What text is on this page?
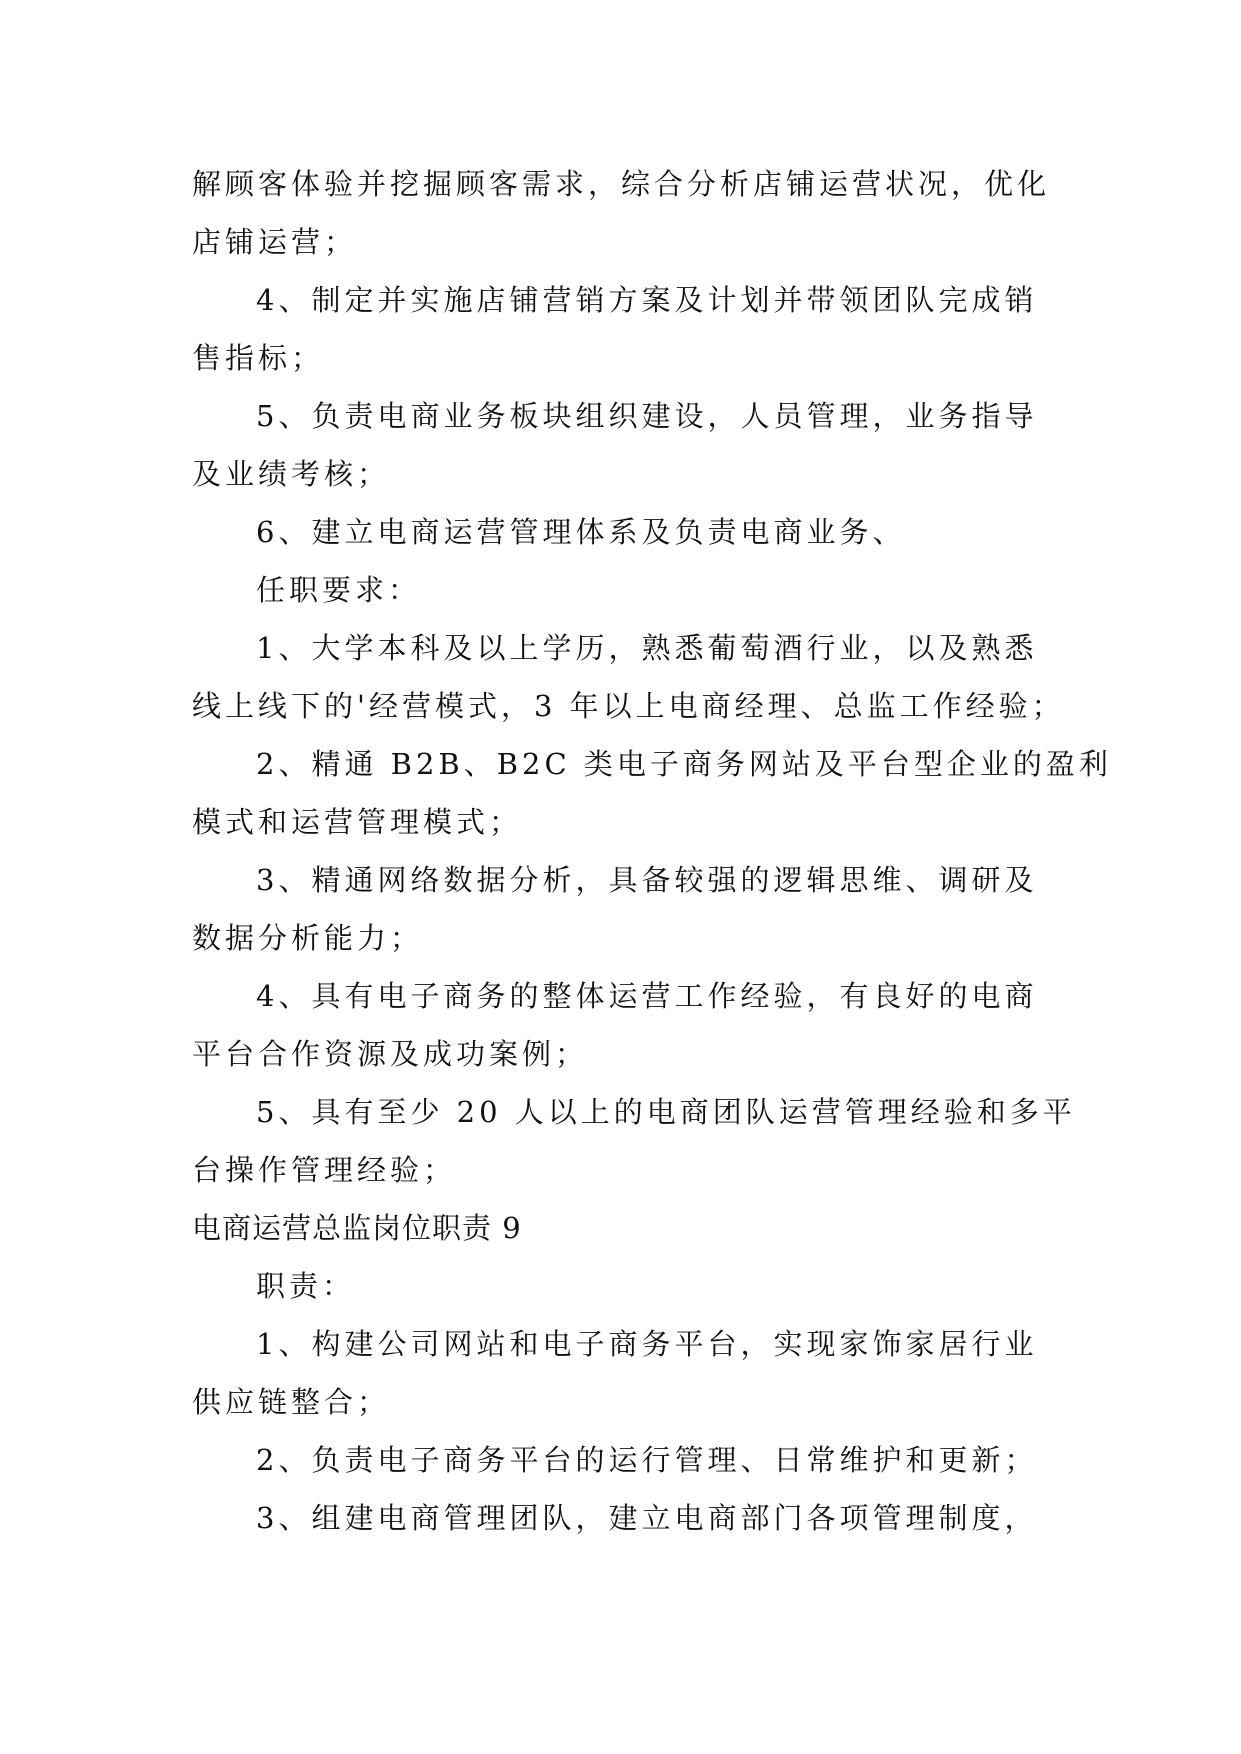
解顾客体验并挖掘顾客需求，综合分析店铺运营状况，优化
店铺运营；
4、制定并实施店铺营销方案及计划并带领团队完成销
售指标；
5、负责电商业务板块组织建设，人员管理，业务指导
及业绩考核；
6、建立电商运营管理体系及负责电商业务、
任职要求：
1、大学本科及以上学历，熟悉葡萄酒行业，以及熟悉
线上线下的'经营模式，3 年以上电商经理、总监工作经验；
2、精通 B2B、B2C 类电子商务网站及平台型企业的盈利
模式和运营管理模式；
3、精通网络数据分析，具备较强的逻辑思维、调研及
数据分析能力；
4、具有电子商务的整体运营工作经验，有良好的电商
平台合作资源及成功案例；
5、具有至少 20 人以上的电商团队运营管理经验和多平
台操作管理经验；
电商运营总监岗位职责 9
职责：
1、构建公司网站和电子商务平台，实现家饰家居行业
供应链整合；
2、负责电子商务平台的运行管理、日常维护和更新；
3、组建电商管理团队，建立电商部门各项管理制度，
